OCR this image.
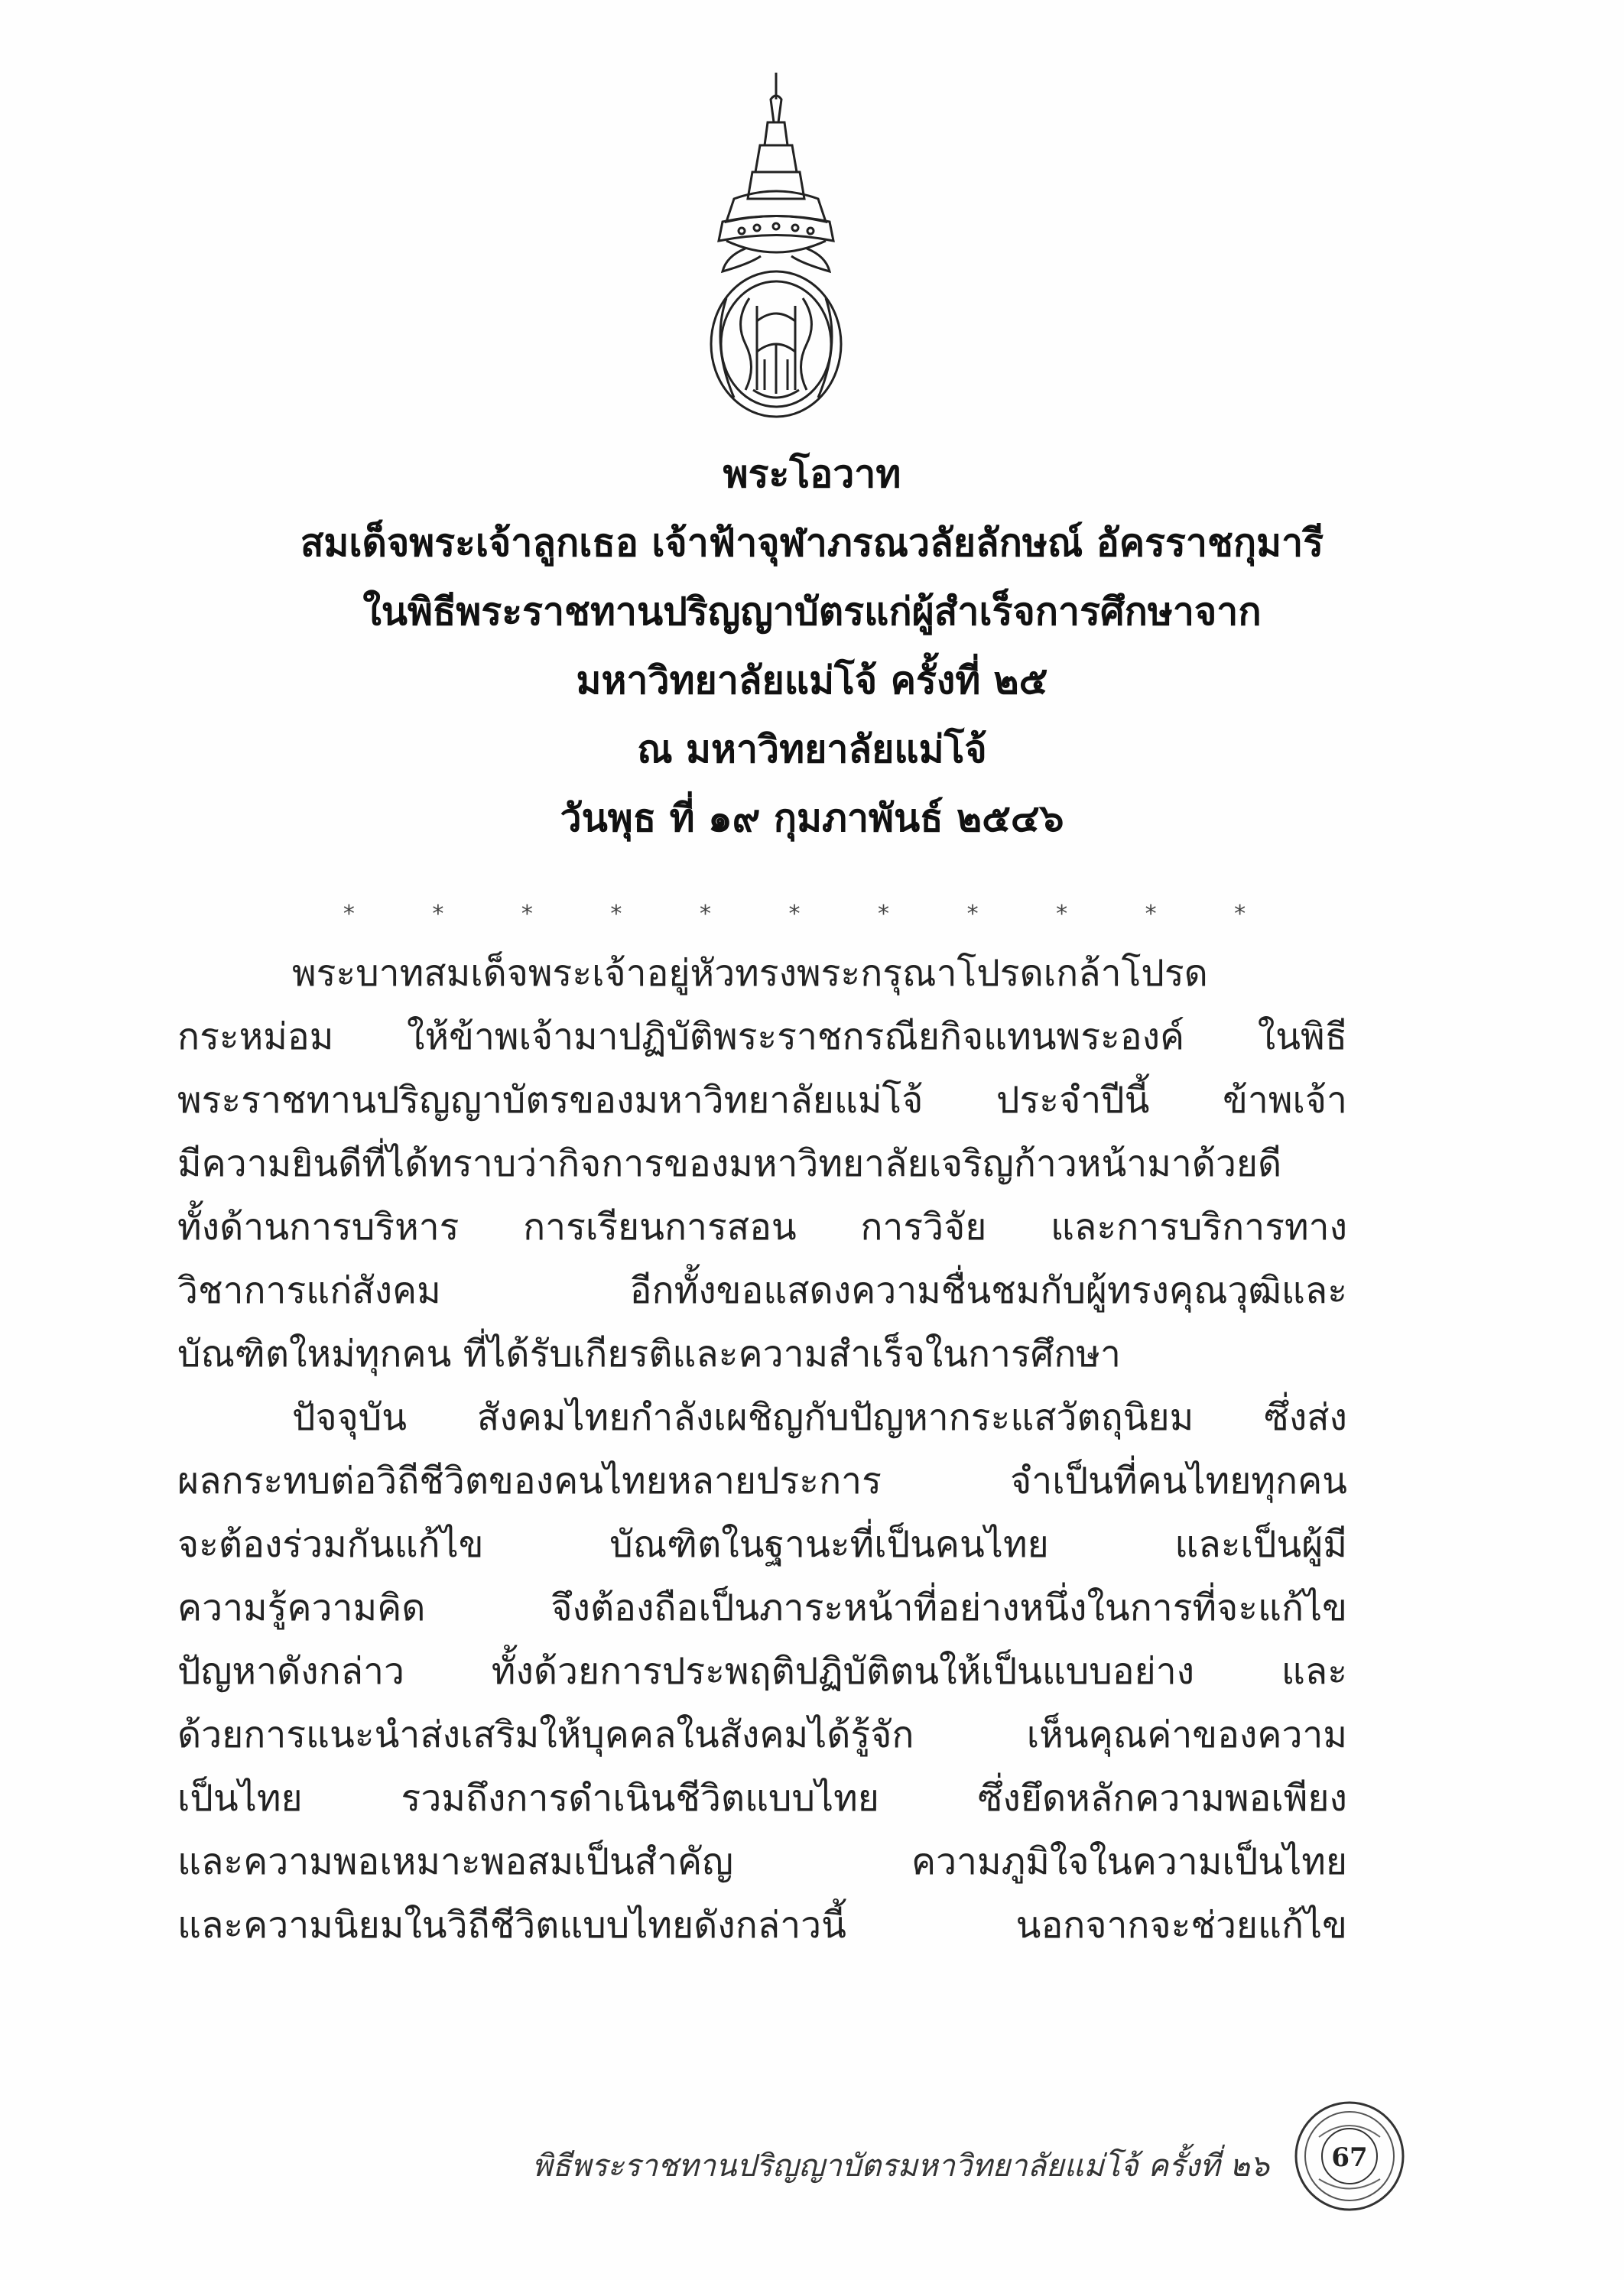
พระโอวาท
สมเด็จพระเจ้าลูกเธอ เจ้าฟ้าจุฬาภรณวลัยลักษณ์ อัครราชกุมารี
ในพิธีพระราชทานปริญญาบัตรแก่ผู้สำเร็จการศึกษาจาก
มหาวิทยาลัยแม่โจ้ ครั้งที่ ๒๕
ณ มหาวิทยาลัยแม่โจ้
วันพุธ ที่ ๑๙ กุมภาพันธ์ ๒๕๔๖
* * * * * * * * * * *
พระบาทสมเด็จพระเจ้าอยู่หัวทรงพระกรุณาโปรดเกล้าโปรด
กระหม่อม ให้ข้าพเจ้ามาปฏิบัติพระราชกรณียกิจแทนพระองค์ ในพิธี
พระราชทานปริญญาบัตรของมหาวิทยาลัยแม่โจ้ ประจำปีนี้ ข้าพเจ้า
มีความยินดีที่ได้ทราบว่ากิจการของมหาวิทยาลัยเจริญก้าวหน้ามาด้วยดี
ทั้งด้านการบริหาร การเรียนการสอน การวิจัย และการบริการทาง
วิชาการแก่สังคม อีกทั้งขอแสดงความชื่นชมกับผู้ทรงคุณวุฒิและ
บัณฑิตใหม่ทุกคน ที่ได้รับเกียรติและความสำเร็จในการศึกษา
ปัจจุบัน สังคมไทยกำลังเผชิญกับปัญหากระแสวัตถุนิยม ซึ่งส่ง
ผลกระทบต่อวิถีชีวิตของคนไทยหลายประการ จำเป็นที่คนไทยทุกคน
จะต้องร่วมกันแก้ไข บัณฑิตในฐานะที่เป็นคนไทย และเป็นผู้มี
ความรู้ความคิด จึงต้องถือเป็นภาระหน้าที่อย่างหนึ่งในการที่จะแก้ไข
ปัญหาดังกล่าว ทั้งด้วยการประพฤติปฏิบัติตนให้เป็นแบบอย่าง และ
ด้วยการแนะนำส่งเสริมให้บุคคลในสังคมได้รู้จัก เห็นคุณค่าของความ
เป็นไทย รวมถึงการดำเนินชีวิตแบบไทย ซึ่งยึดหลักความพอเพียง
และความพอเหมาะพอสมเป็นสำคัญ ความภูมิใจในความเป็นไทย
และความนิยมในวิถีชีวิตแบบไทยดังกล่าวนี้ นอกจากจะช่วยแก้ไข
พิธีพระราชทานปริญญาบัตรมหาวิทยาลัยแม่โจ้ ครั้งที่ ๒๖ 67
